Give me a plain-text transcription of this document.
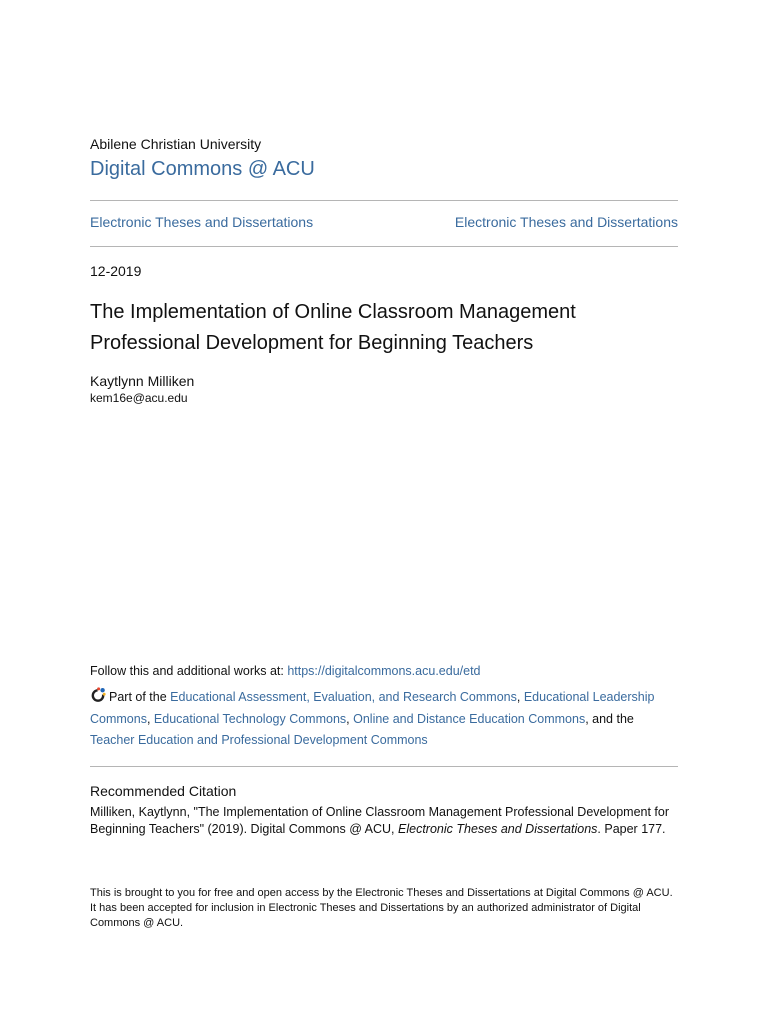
Abilene Christian University
Digital Commons @ ACU
Electronic Theses and Dissertations	Electronic Theses and Dissertations
12-2019
The Implementation of Online Classroom Management
Professional Development for Beginning Teachers
Kaytlynn Milliken
kem16e@acu.edu
Follow this and additional works at: https://digitalcommons.acu.edu/etd
Part of the Educational Assessment, Evaluation, and Research Commons, Educational Leadership Commons, Educational Technology Commons, Online and Distance Education Commons, and the
Teacher Education and Professional Development Commons
Recommended Citation
Milliken, Kaytlynn, "The Implementation of Online Classroom Management Professional Development for Beginning Teachers" (2019). Digital Commons @ ACU, Electronic Theses and Dissertations. Paper 177.
This is brought to you for free and open access by the Electronic Theses and Dissertations at Digital Commons @ ACU. It has been accepted for inclusion in Electronic Theses and Dissertations by an authorized administrator of Digital Commons @ ACU.
